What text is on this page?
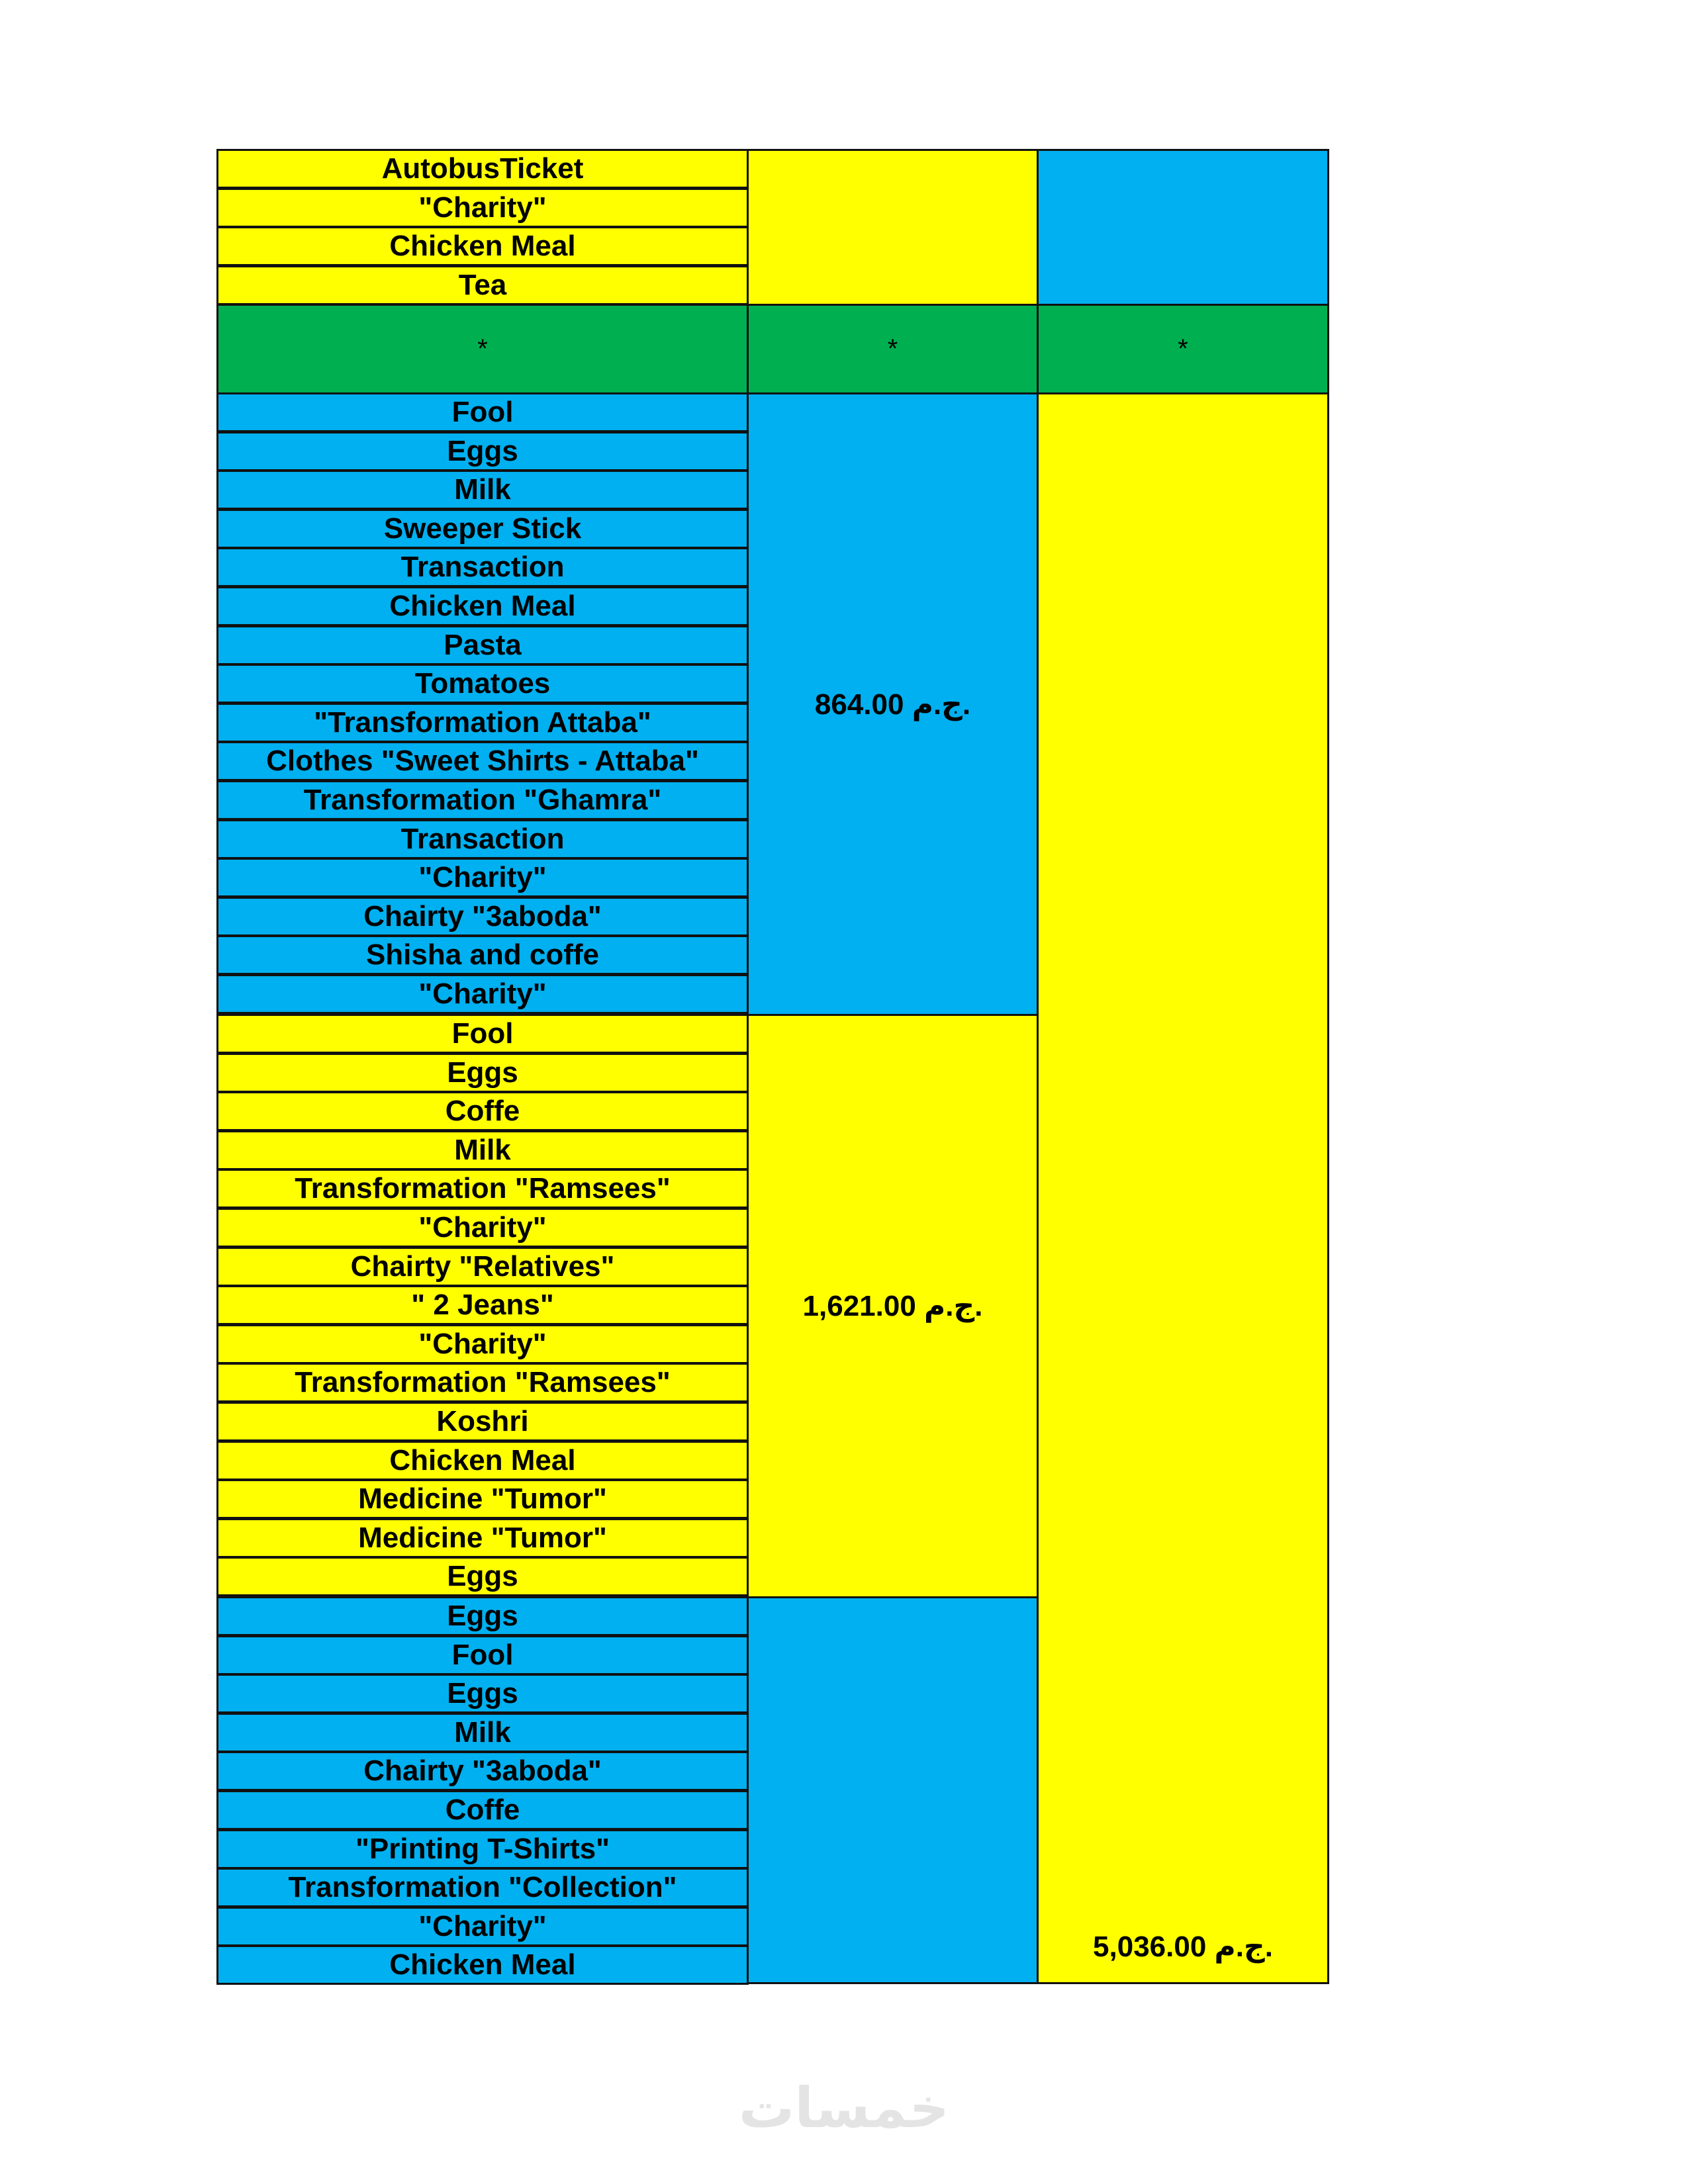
AutobusTicket
"Charity"
Chicken Meal
Tea
*	*	*
Fool
Eggs
Milk
Sweeper Stick
Transaction
Chicken Meal
Pasta
Tomatoes
"Transformation Attaba"
Clothes "Sweet Shirts - Attaba"
Transformation "Ghamra"
Transaction
"Charity"
Chairty "3aboda"
Shisha and coffe
"Charity"
864.00 ج.م.
Fool
Eggs
Coffe
Milk
Transformation "Ramsees"
"Charity"
Chairty "Relatives"
" 2 Jeans"
"Charity"
Transformation "Ramsees"
Koshri
Chicken Meal
Medicine "Tumor"
Medicine "Tumor"
Eggs
1,621.00 ج.م.
Eggs
Fool
Eggs
Milk
Chairty "3aboda"
Coffe
"Printing T-Shirts"
Transformation "Collection"
"Charity"
Chicken Meal
5,036.00 ج.م.
خمسات
